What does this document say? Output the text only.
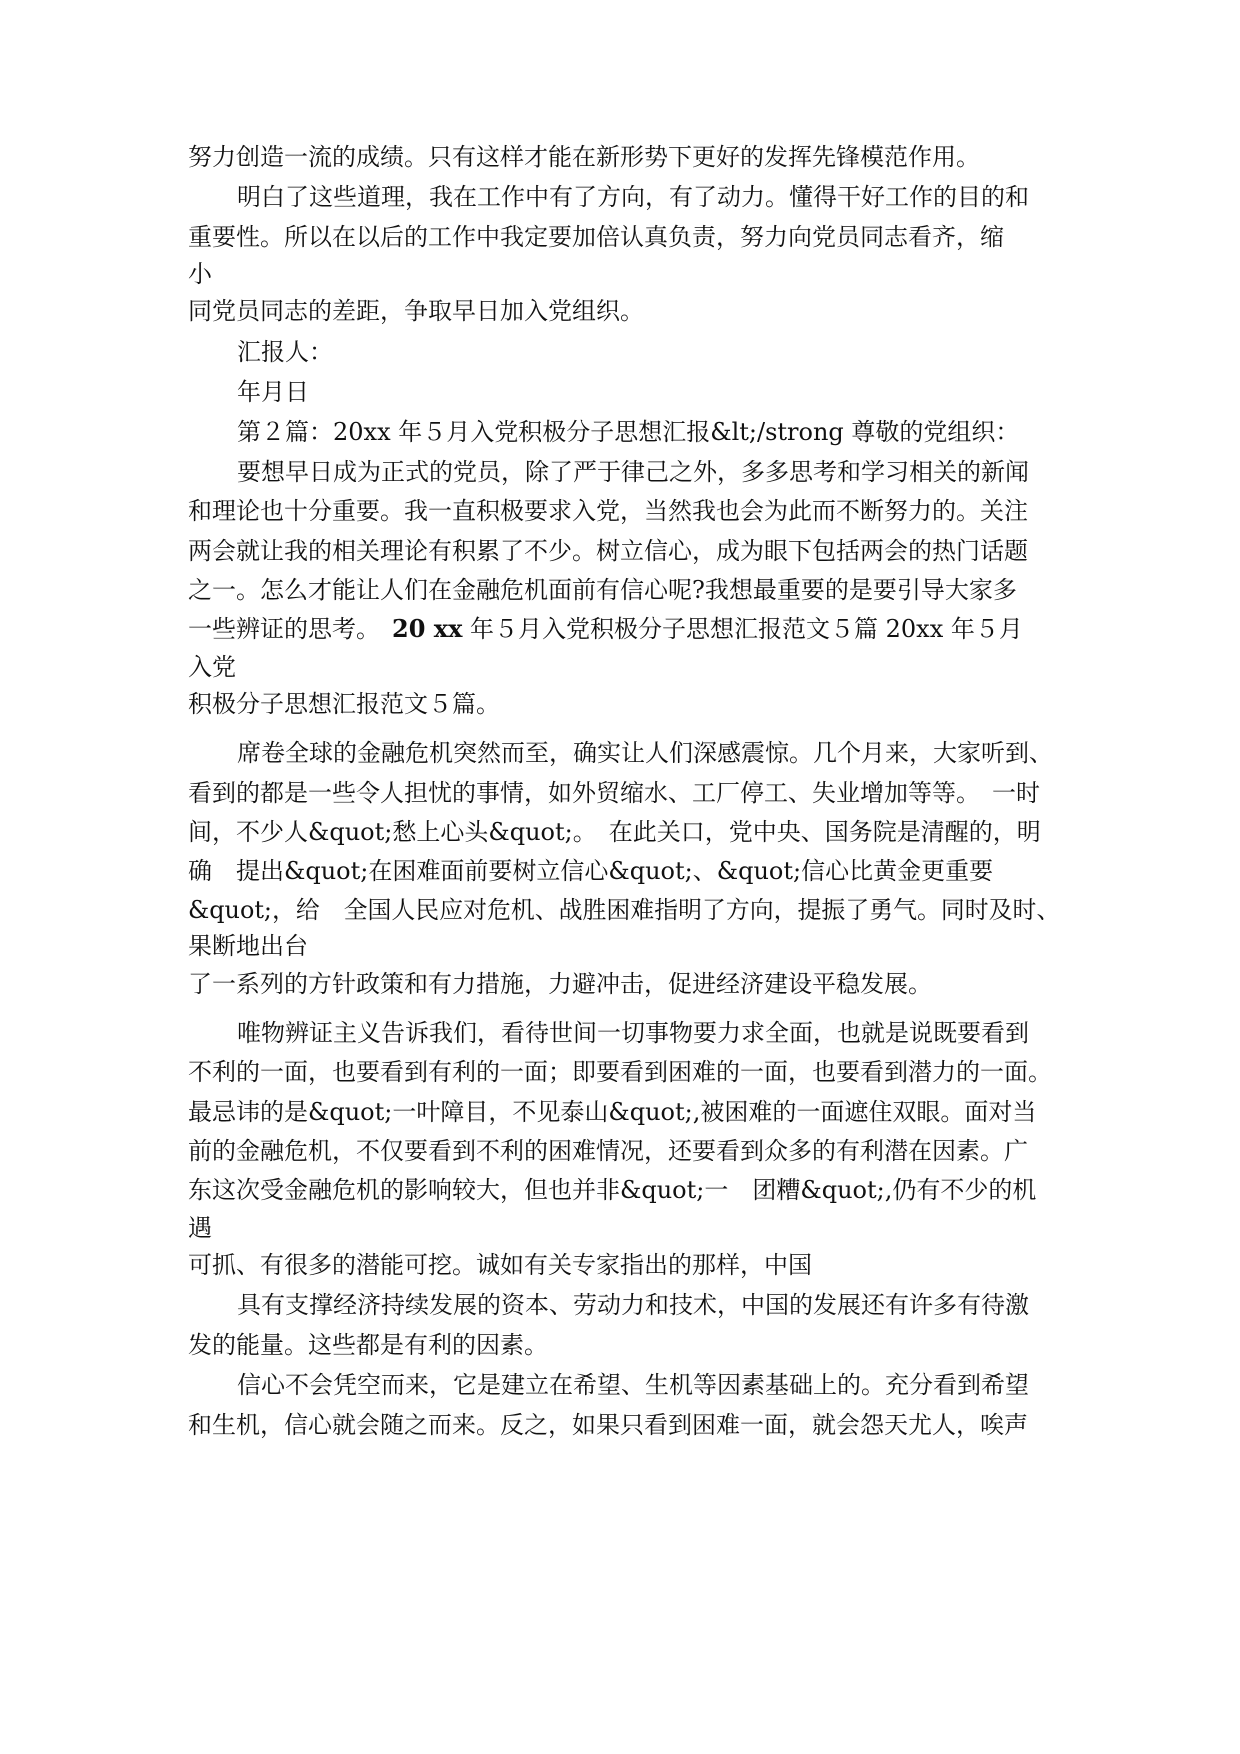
努力创造一流的成绩。只有这样才能在新形势下更好的发挥先锋模范作用。
明白了这些道理，我在工作中有了方向，有了动力。懂得干好工作的目的和
重要性。所以在以后的工作中我定要加倍认真负责，努力向党员同志看齐，缩
小
同党员同志的差距，争取早日加入党组织。
汇报人：
年月日
第２篇：20xx 年５月入党积极分子思想汇报&lt;/strong 尊敬的党组织：
要想早日成为正式的党员，除了严于律己之外，多多思考和学习相关的新闻
和理论也十分重要。我一直积极要求入党，当然我也会为此而不断努力的。关注
两会就让我的相关理论有积累了不少。树立信心，成为眼下包括两会的热门话题
之一。怎么才能让人们在金融危机面前有信心呢?我想最重要的是要引导大家多
一些辨证的思考。　 20 xx 年５月入党积极分子思想汇报范文５篇 20xx 年５月
入党
积极分子思想汇报范文５篇。
席卷全球的金融危机突然而至，确实让人们深感震惊。几个月来，大家听到、
看到的都是一些令人担忧的事情，如外贸缩水、工厂停工、失业增加等等。　一时
间，不少人&quot;愁上心头&quot;。　在此关口，党中央、国务院是清醒的，明
确　提出&quot;在困难面前要树立信心&quot;、&quot;信心比黄金更重要
&quot;，给　全国人民应对危机、战胜困难指明了方向，提振了勇气。同时及时、
果断地出台
了一系列的方针政策和有力措施，力避冲击，促进经济建设平稳发展。
唯物辨证主义告诉我们，看待世间一切事物要力求全面，也就是说既要看到
不利的一面，也要看到有利的一面；即要看到困难的一面，也要看到潜力的一面。
最忌讳的是&quot;一叶障目，不见泰山&quot;,被困难的一面遮住双眼。面对当
前的金融危机，不仅要看到不利的困难情况，还要看到众多的有利潜在因素。广
东这次受金融危机的影响较大，但也并非&quot;一　团糟&quot;,仍有不少的机
遇
可抓、有很多的潜能可挖。诚如有关专家指出的那样，中国
具有支撑经济持续发展的资本、劳动力和技术，中国的发展还有许多有待激
发的能量。这些都是有利的因素。
信心不会凭空而来，它是建立在希望、生机等因素基础上的。充分看到希望
和生机，信心就会随之而来。反之，如果只看到困难一面，就会怨天尤人，唉声
